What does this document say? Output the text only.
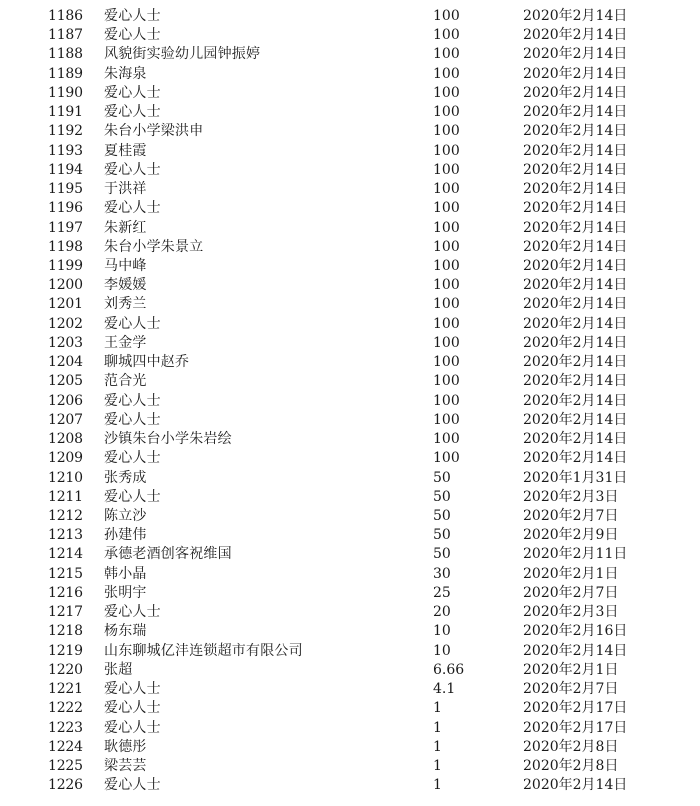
1186	爱心人士	100	2020年2月14日
1187	爱心人士	100	2020年2月14日
1188	风貌街实验幼儿园钟振婷	100	2020年2月14日
1189	朱海泉	100	2020年2月14日
1190	爱心人士	100	2020年2月14日
1191	爱心人士	100	2020年2月14日
1192	朱台小学梁洪申	100	2020年2月14日
1193	夏桂霞	100	2020年2月14日
1194	爱心人士	100	2020年2月14日
1195	于洪祥	100	2020年2月14日
1196	爱心人士	100	2020年2月14日
1197	朱新红	100	2020年2月14日
1198	朱台小学朱景立	100	2020年2月14日
1199	马中峰	100	2020年2月14日
1200	李媛媛	100	2020年2月14日
1201	刘秀兰	100	2020年2月14日
1202	爱心人士	100	2020年2月14日
1203	王金学	100	2020年2月14日
1204	聊城四中赵乔	100	2020年2月14日
1205	范合光	100	2020年2月14日
1206	爱心人士	100	2020年2月14日
1207	爱心人士	100	2020年2月14日
1208	沙镇朱台小学朱岩绘	100	2020年2月14日
1209	爱心人士	100	2020年2月14日
1210	张秀成	50	2020年1月31日
1211	爱心人士	50	2020年2月3日
1212	陈立沙	50	2020年2月7日
1213	孙建伟	50	2020年2月9日
1214	承德老酒创客祝维国	50	2020年2月11日
1215	韩小晶	30	2020年2月1日
1216	张明宇	25	2020年2月7日
1217	爱心人士	20	2020年2月3日
1218	杨东瑞	10	2020年2月16日
1219	山东聊城亿沣连锁超市有限公司	10	2020年2月14日
1220	张超	6.66	2020年2月1日
1221	爱心人士	4.1	2020年2月7日
1222	爱心人士	1	2020年2月17日
1223	爱心人士	1	2020年2月17日
1224	耿德彤	1	2020年2月8日
1225	梁芸芸	1	2020年2月8日
1226	爱心人士	1	2020年2月14日
